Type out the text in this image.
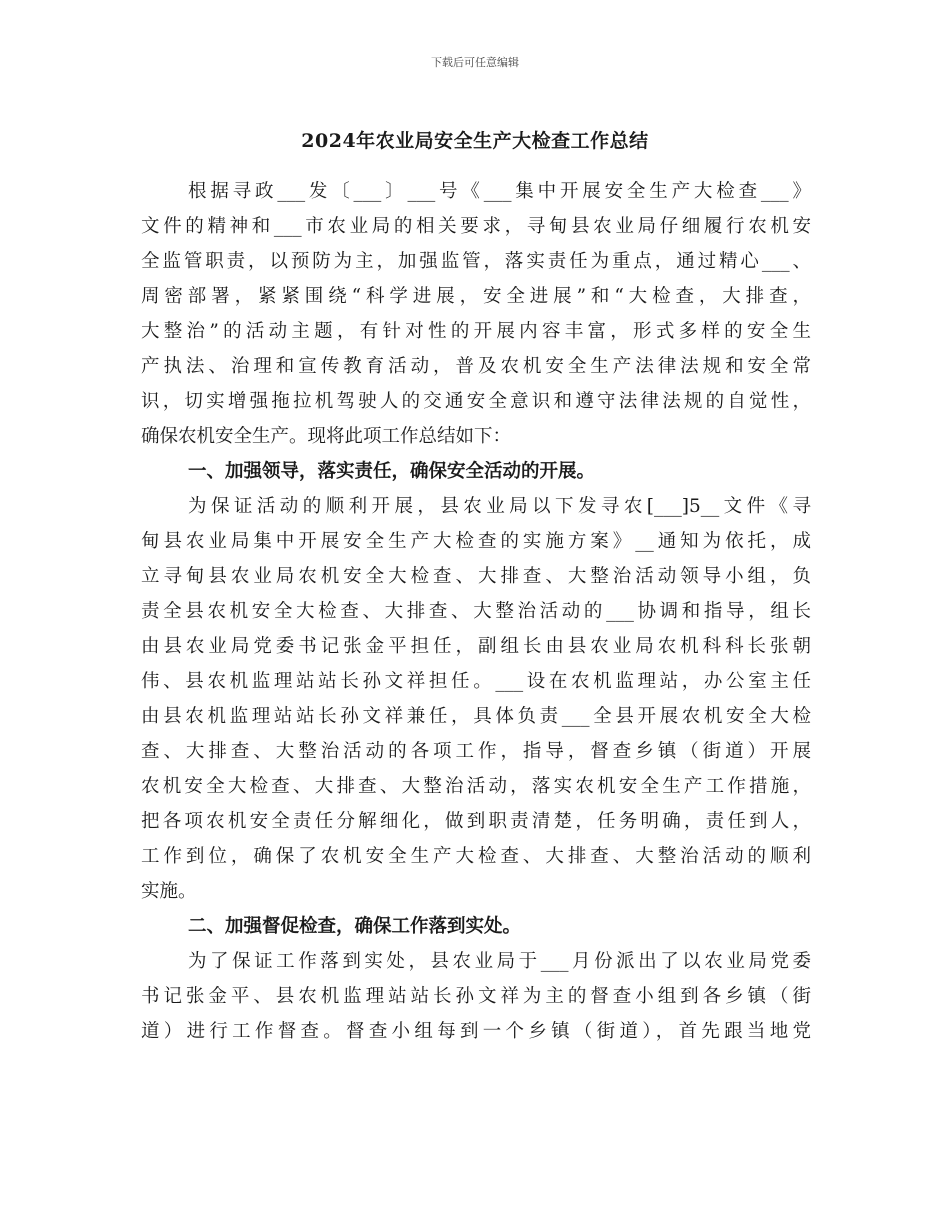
下载后可任意编辑
2024年农业局安全生产大检查工作总结
根据寻政___发〔___〕___号《___集中开展安全生产大检查___》
文件的精神和___市农业局的相关要求，寻甸县农业局仔细履行农机安
全监管职责，以预防为主，加强监管，落实责任为重点，通过精心___、
周密部署，紧紧围绕“科学进展，安全进展”和“大检查，大排查，
大整治”的活动主题，有针对性的开展内容丰富，形式多样的安全生
产执法、治理和宣传教育活动，普及农机安全生产法律法规和安全常
识，切实增强拖拉机驾驶人的交通安全意识和遵守法律法规的自觉性，
确保农机安全生产。现将此项工作总结如下：
一、加强领导，落实责任，确保安全活动的开展。
为保证活动的顺利开展，县农业局以下发寻农[___]5__文件《寻
甸县农业局集中开展安全生产大检查的实施方案》__通知为依托，成
立寻甸县农业局农机安全大检查、大排查、大整治活动领导小组，负
责全县农机安全大检查、大排查、大整治活动的___协调和指导，组长
由县农业局党委书记张金平担任，副组长由县农业局农机科科长张朝
伟、县农机监理站站长孙文祥担任。___设在农机监理站，办公室主任
由县农机监理站站长孙文祥兼任，具体负责___全县开展农机安全大检
查、大排查、大整治活动的各项工作，指导，督查乡镇（街道）开展
农机安全大检查、大排查、大整治活动，落实农机安全生产工作措施，
把各项农机安全责任分解细化，做到职责清楚，任务明确，责任到人，
工作到位，确保了农机安全生产大检查、大排查、大整治活动的顺利
实施。
二、加强督促检查，确保工作落到实处。
为了保证工作落到实处，县农业局于___月份派出了以农业局党委
书记张金平、县农机监理站站长孙文祥为主的督查小组到各乡镇（街
道）进行工作督查。督查小组每到一个乡镇（街道），首先跟当地党
